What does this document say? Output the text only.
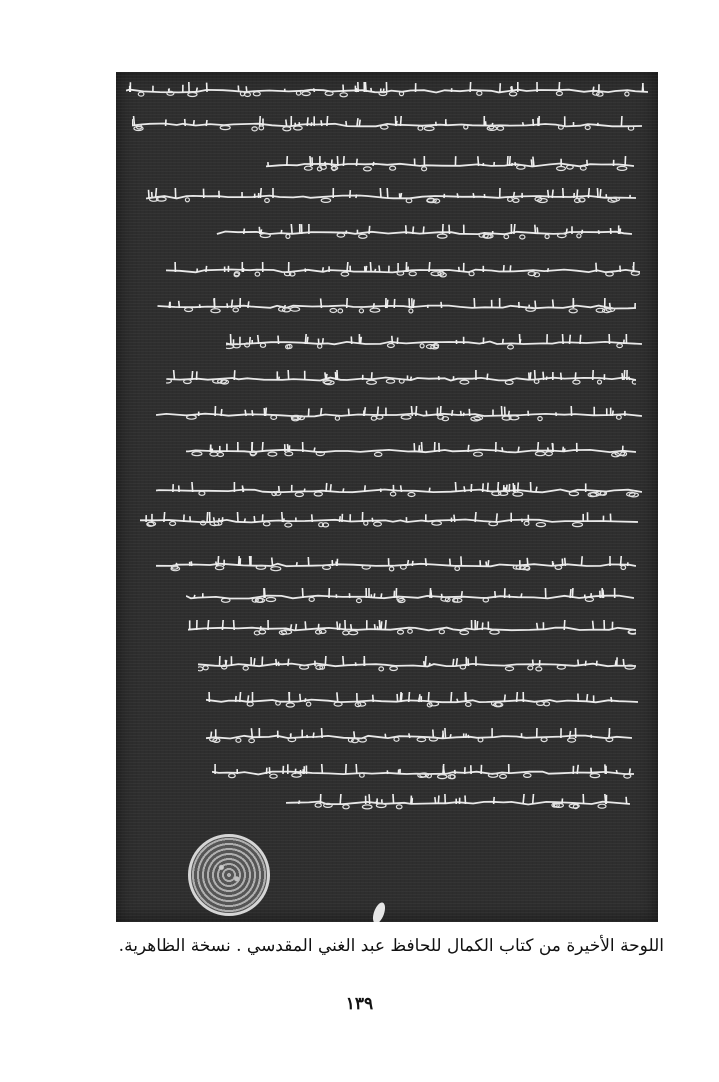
اللوحة الأخيرة من كتاب الكمال للحافظ عبد الغني المقدسي . نسخة الظاهرية.
١٣٩
